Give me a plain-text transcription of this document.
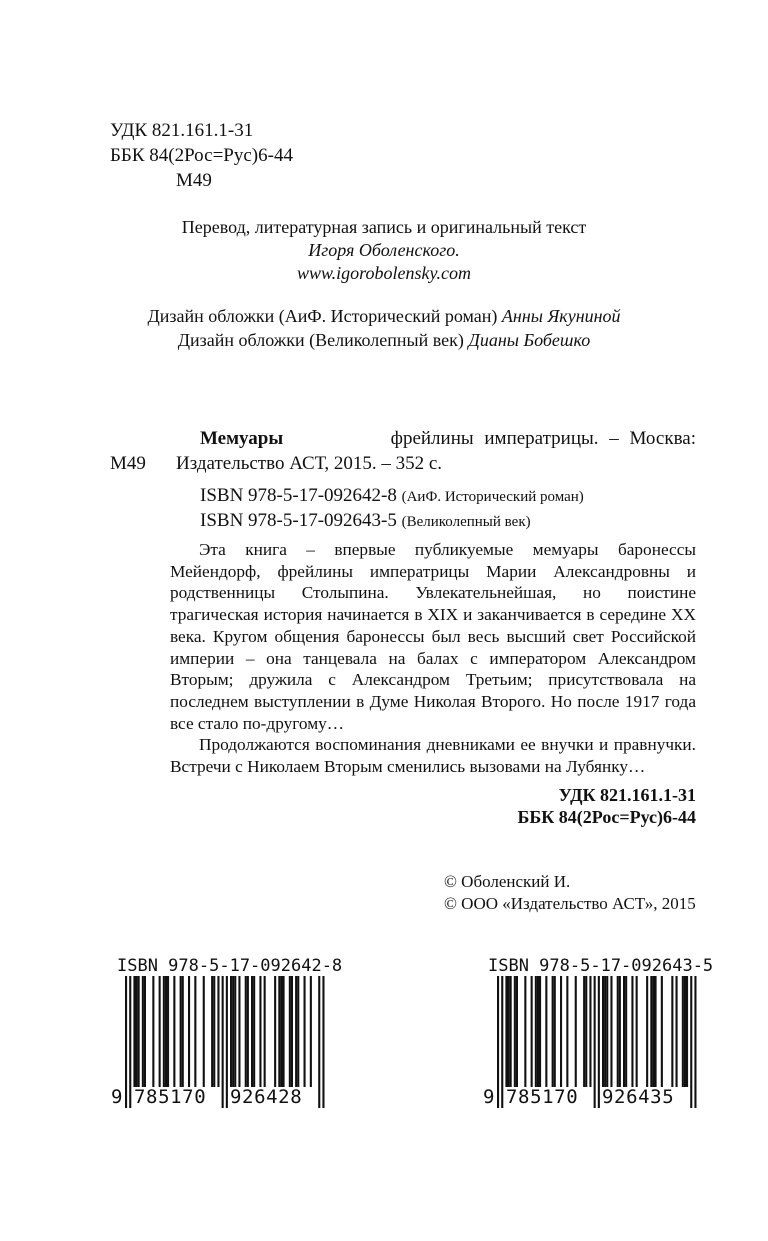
УДК 821.161.1-31
ББК 84(2Рос=Рус)6-44
М49
Перевод, литературная запись и оригинальный текст
Игоря Оболенского.
www.igorobolensky.com
Дизайн обложки (АиФ. Исторический роман) Анны Якуниной
Дизайн обложки (Великолепный век) Дианы Бобешко
Мемуары	фрейлины императрицы. – Москва:
М49 Издательство АСТ, 2015. – 352 с.
ISBN 978-5-17-092642-8 (АиФ. Исторический роман)
ISBN 978-5-17-092643-5 (Великолепный век)

Эта книга – впервые публикуемые мемуары баронессы Мейендорф, фрейлины императрицы Марии Александровны и родственницы Столыпина. Увлекательнейшая, но поистине трагическая история начинается в XIX и заканчивается в середине XX века. Кругом общения баронессы был весь высший свет Российской империи – она танцевала на балах с императором Александром Вторым; дружила с Александром Третьим; присутствовала на последнем выступлении в Думе Николая Второго. Но после 1917 года все стало по-другому…

Продолжаются воспоминания дневниками ее внучки и правнучки. Встречи с Николаем Вторым сменились вызовами на Лубянку…

УДК 821.161.1-31
ББК 84(2Рос=Рус)6-44
© Оболенский И.
© ООО «Издательство АСТ», 2015
ISBN 978-5-17-092642-8
9 785170 926428
ISBN 978-5-17-092643-5
9 785170 926435
